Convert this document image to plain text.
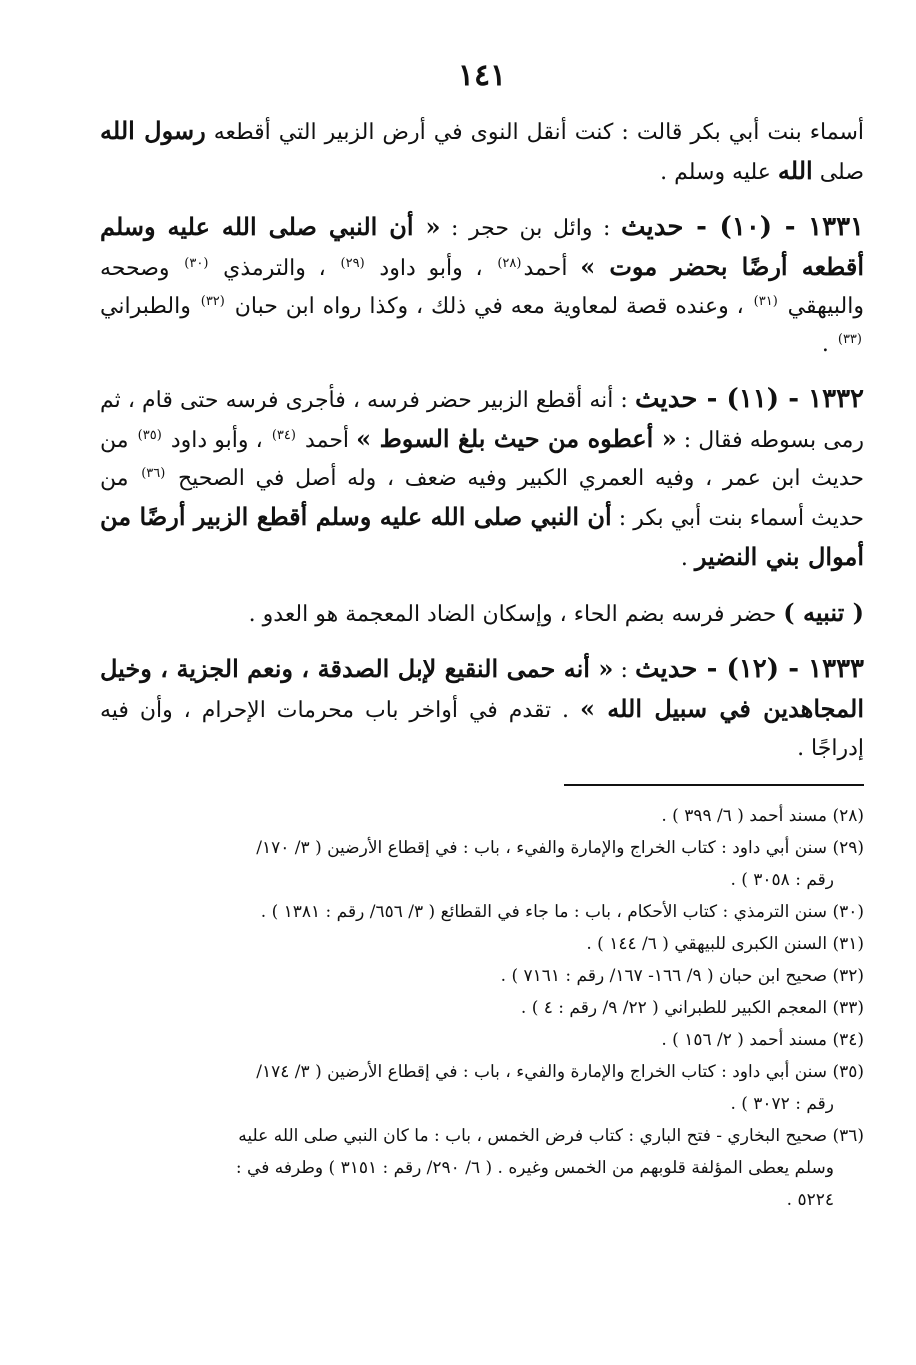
١٤١

أسماء بنت أبي بكر قالت : كنت أنقل النوى في أرض الزبير التي أقطعه رسول الله صلى الله عليه وسلم .

١٣٣١ - (١٠) - حديث : وائل بن حجر : « أن النبي صلى الله عليه وسلم أقطعه أرضًا بحضر موت » أحمد$^{(٢٨)}$ ، وأبو داود $^{(٢٩)}$ ، والترمذي $^{(٣٠)}$ وصححه والبيهقي $^{(٣١)}$ ، وعنده قصة لمعاوية معه في ذلك ، وكذا رواه ابن حبان $^{(٣٢)}$ والطبراني $^{(٣٣)}$ .

١٣٣٢ - (١١) - حديث : أنه أقطع الزبير حضر فرسه ، فأجرى فرسه حتى قام ، ثم رمى بسوطه فقال : « أعطوه من حيث بلغ السوط » أحمد $^{(٣٤)}$ ، وأبو داود $^{(٣٥)}$ من حديث ابن عمر ، وفيه العمري الكبير وفيه ضعف ، وله أصل في الصحيح $^{(٣٦)}$ من حديث أسماء بنت أبي بكر : أن النبي صلى الله عليه وسلم أقطع الزبير أرضًا من أموال بني النضير .

( تنبيه ) حضر فرسه بضم الحاء ، وإسكان الضاد المعجمة هو العدو .

١٣٣٣ - (١٢) - حديث : « أنه حمى النقيع لإبل الصدقة ، ونعم الجزية ، وخيل المجاهدين في سبيل الله » . تقدم في أواخر باب محرمات الإحرام ، وأن فيه إدراجًا .

(٢٨) مسند أحمد ( ٦/ ٣٩٩ ) .
(٢٩) سنن أبي داود : كتاب الخراج والإمارة والفيء ، باب : في إقطاع الأرضين ( ٣/ ١٧٠/
رقم : ٣٠٥٨ ) .
(٣٠) سنن الترمذي : كتاب الأحكام ، باب : ما جاء في القطائع ( ٣/ ٦٥٦/ رقم : ١٣٨١ ) .
(٣١) السنن الكبرى للبيهقي ( ٦/ ١٤٤ ) .
(٣٢) صحيح ابن حبان ( ٩/ ١٦٦- ١٦٧/ رقم : ٧١٦١ ) .
(٣٣) المعجم الكبير للطبراني ( ٢٢/ ٩/ رقم : ٤ ) .
(٣٤) مسند أحمد ( ٢/ ١٥٦ ) .
(٣٥) سنن أبي داود : كتاب الخراج والإمارة والفيء ، باب : في إقطاع الأرضين ( ٣/ ١٧٤/
رقم : ٣٠٧٢ ) .
(٣٦) صحيح البخاري - فتح الباري : كتاب فرض الخمس ، باب : ما كان النبي صلى الله عليه
وسلم يعطى المؤلفة قلوبهم من الخمس وغيره . ( ٦/ ٢٩٠/ رقم : ٣١٥١ ) وطرفه في :
٥٢٢٤ .
